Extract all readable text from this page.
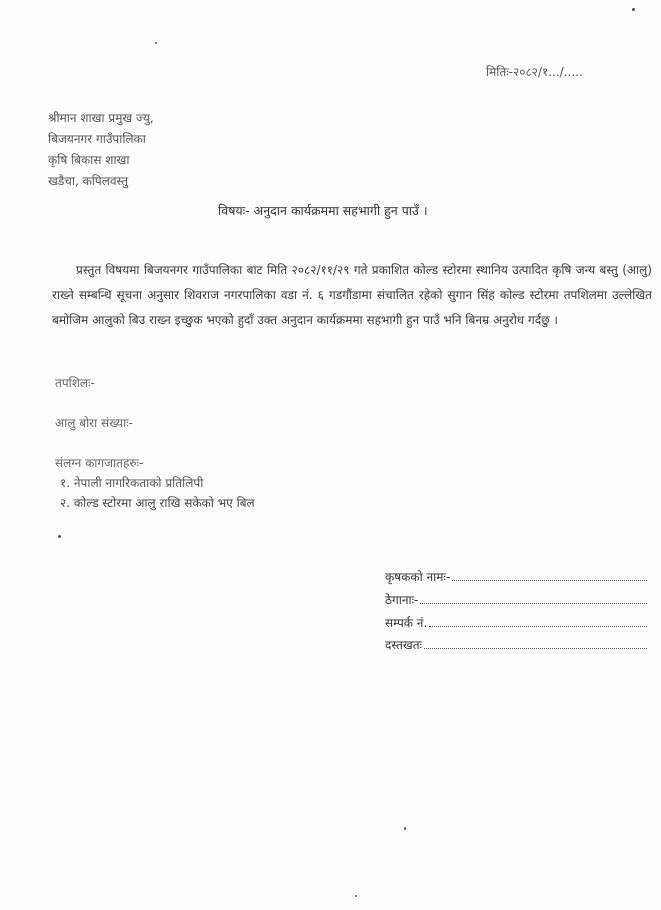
मितिः-२०८२/१.../.....
श्रीमान शाखा प्रमुख ज्यु,
बिजयनगर गाउँपालिका
कृषि बिकास शाखा
खडैचा, कपिलवस्तु
विषयः- अनुदान कार्यक्रममा सहभागी हुन पाउँ ।
प्रस्तुत विषयमा बिजयनगर गाउँपालिका बाट मिति २०८२/११/२९ गते प्रकाशित कोल्ड स्टोरमा स्थानिय उत्पादित कृषि जन्य बस्तु (आलु) राख्ने सम्बन्धि सूचना अनुसार शिवराज नगरपालिका वडा नं. ६ गडगौंडामा संचालित रहेको सुगान सिंह कोल्ड स्टोरमा तपशिलमा उल्लेखित बमोजिम आलुको बिउ राख्न इच्छुक भएको हुदाँ उक्त अनुदान कार्यक्रममा सहभागी हुन पाउँ भनि बिनम्र अनुरोध गर्दछु ।
तपशिलः-
आलु बोरा संख्याः-
संलग्न कागजातहरुः-
१. नेपाली नागरिकताको प्रतिलिपी
२. कोल्ड स्टोरमा आलु राखि सकेको भए बिल
कृषकको नामः-
ठेगानाः-
सम्पर्क नं.
दस्तखतः
